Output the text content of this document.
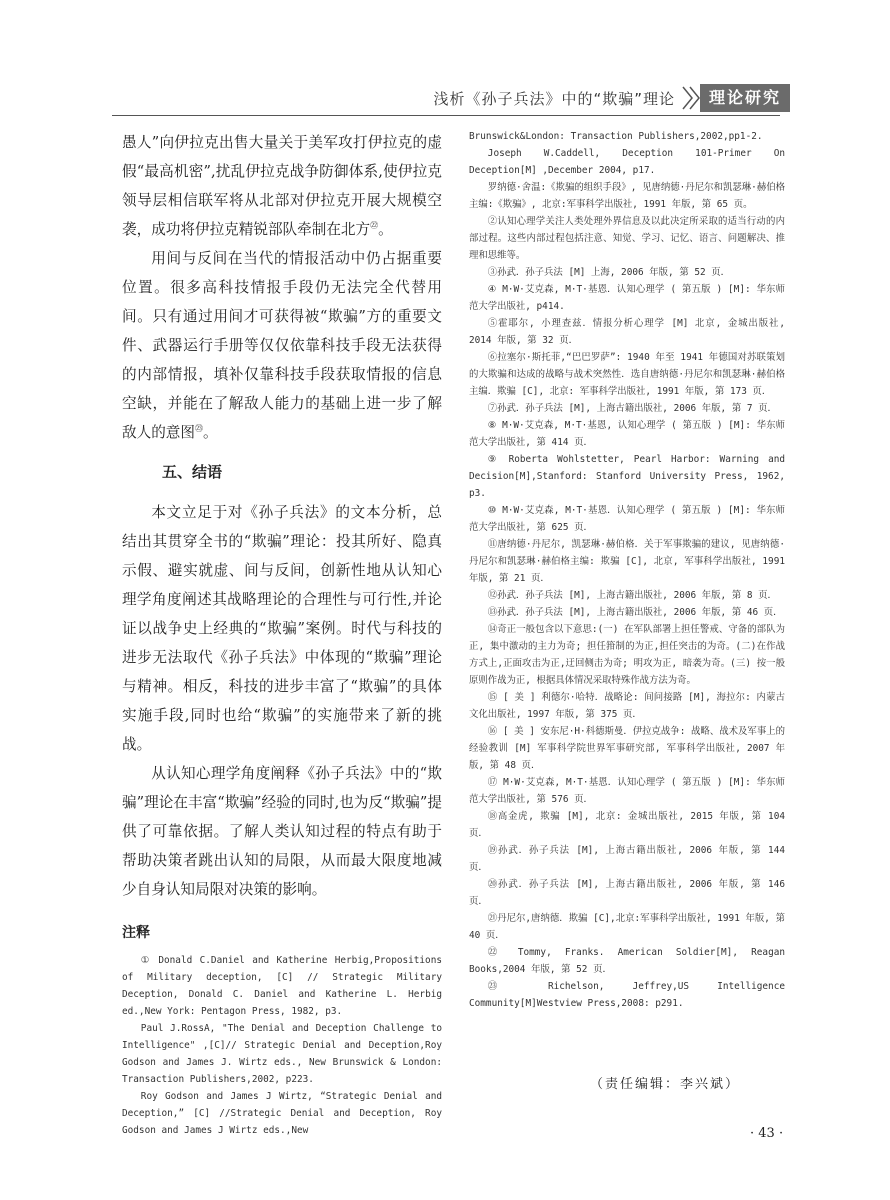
浅析《孙子兵法》中的“欺骗”理论	理论研究

愚人”向伊拉克出售大量关于美军攻打伊拉克的虚假“最高机密”,扰乱伊拉克战争防御体系,使伊拉克领导层相信联军将从北部对伊拉克开展大规模空袭，成功将伊拉克精锐部队牵制在北方$^㉒$。

用间与反间在当代的情报活动中仍占据重要位置。很多高科技情报手段仍无法完全代替用间。只有通过用间才可获得被“欺骗”方的重要文件、武器运行手册等仅仅依靠科技手段无法获得的内部情报，填补仅靠科技手段获取情报的信息空缺，并能在了解敌人能力的基础上进一步了解敌人的意图$^㉓$。

五、结语

本文立足于对《孙子兵法》的文本分析，总结出其贯穿全书的“欺骗”理论：投其所好、隐真示假、避实就虚、间与反间，创新性地从认知心理学角度阐述其战略理论的合理性与可行性,并论证以战争史上经典的“欺骗”案例。时代与科技的进步无法取代《孙子兵法》中体现的“欺骗”理论与精神。相反，科技的进步丰富了“欺骗”的具体实施手段,同时也给“欺骗”的实施带来了新的挑战。

从认知心理学角度阐释《孙子兵法》中的“欺骗”理论在丰富“欺骗”经验的同时,也为反“欺骗”提供了可靠依据。了解人类认知过程的特点有助于帮助决策者跳出认知的局限，从而最大限度地减少自身认知局限对决策的影响。

注释

① Donald C.Daniel and Katherine Herbig,Propositions of Military deception, [C] // Strategic Military Deception, Donald C. Daniel and Katherine L. Herbig ed.,New York: Pentagon Press, 1982, p3.

Paul J.RossA, "The Denial and Deception Challenge to Intelligence" ,[C]// Strategic Denial and Deception,Roy Godson and James J. Wirtz eds., New Brunswick & London: Transaction Publishers,2002, p223.

Roy Godson and James J Wirtz, “Strategic Denial and Deception,” [C] //Strategic Denial and Deception, Roy Godson and James J Wirtz eds.,New

Brunswick&London: Transaction Publishers,2002,pp1-2.

Joseph W.Caddell, Deception 101-Primer On Deception[M] ,December 2004, p17.

罗纳德·舍温:《欺骗的组织手段》, 见唐纳德·丹尼尔和凯瑟琳·赫伯格主编:《欺骗》, 北京:军事科学出版社, 1991 年版, 第 65 页。

②认知心理学关注人类处理外界信息及以此决定所采取的适当行动的内部过程。这些内部过程包括注意、知觉、学习、记忆、语言、问题解决、推理和思维等。

③孙武．孙子兵法 [M] 上海, 2006 年版, 第 52 页．

④ M·W·艾克森, M·T·基恩．认知心理学 ( 第五版 ) [M]: 华东师范大学出版社, p414.

⑤霍耶尔, 小理查兹．情报分析心理学 [M] 北京, 金城出版社, 2014 年版, 第 32 页．

⑥拉塞尔·斯托菲,“巴巴罗萨”: 1940 年至 1941 年德国对苏联策划的大欺骗和达成的战略与战术突然性．选自唐纳德·丹尼尔和凯瑟琳·赫伯格主编．欺骗 [C], 北京: 军事科学出版社, 1991 年版, 第 173 页．

⑦孙武．孙子兵法 [M], 上海古籍出版社, 2006 年版, 第 7 页．

⑧ M·W·艾克森, M·T·基恩, 认知心理学 ( 第五版 ) [M]: 华东师范大学出版社, 第 414 页．

⑨ Roberta Wohlstetter, Pearl Harbor: Warning and Decision[M],Stanford: Stanford University Press, 1962, p3.

⑩ M·W·艾克森, M·T·基恩．认知心理学 ( 第五版 ) [M]: 华东师范大学出版社, 第 625 页．

⑪唐纳德·丹尼尔, 凯瑟琳·赫伯格．关于军事欺骗的建议, 见唐纳德·丹尼尔和凯瑟琳·赫伯格主编: 欺骗 [C], 北京, 军事科学出版社, 1991 年版, 第 21 页．

⑫孙武．孙子兵法 [M], 上海古籍出版社, 2006 年版, 第 8 页．

⑬孙武．孙子兵法 [M], 上海古籍出版社, 2006 年版, 第 46 页．

⑭奇正一般包含以下意思:(一) 在军队部署上担任警戒、守备的部队为正, 集中激动的主力为奇; 担任箝制的为正,担任突击的为奇。(二)在作战方式上,正面攻击为正,迂回侧击为奇; 明攻为正, 暗袭为奇。(三) 按一般原则作战为正, 根据具体情况采取特殊作战方法为奇。

⑮ [ 美 ] 利德尔·哈特．战略论: 间问接路 [M], 海拉尔: 内蒙古文化出版社, 1997 年版, 第 375 页．

⑯ [ 美 ] 安东尼·H·科德斯曼．伊拉克战争: 战略、战术及军事上的经验教训 [M] 军事科学院世界军事研究部, 军事科学出版社, 2007 年版, 第 48 页．

⑰ M·W·艾克森, M·T·基恩．认知心理学 ( 第五版 ) [M]: 华东师范大学出版社, 第 576 页．

⑱高金虎, 欺骗 [M], 北京: 金城出版社, 2015 年版, 第 104 页．

⑲孙武．孙子兵法 [M], 上海古籍出版社, 2006 年版, 第 144 页．

⑳孙武．孙子兵法 [M], 上海古籍出版社, 2006 年版, 第 146 页．

㉑丹尼尔,唐纳德．欺骗 [C],北京:军事科学出版社, 1991 年版, 第 40 页．

㉒ Tommy, Franks. American Soldier[M], Reagan Books,2004 年版, 第 52 页．

㉓ Richelson, Jeffrey,US Intelligence Community[M]Westview Press,2008: p291.

（责任编辑：李兴斌）
· 43 ·
